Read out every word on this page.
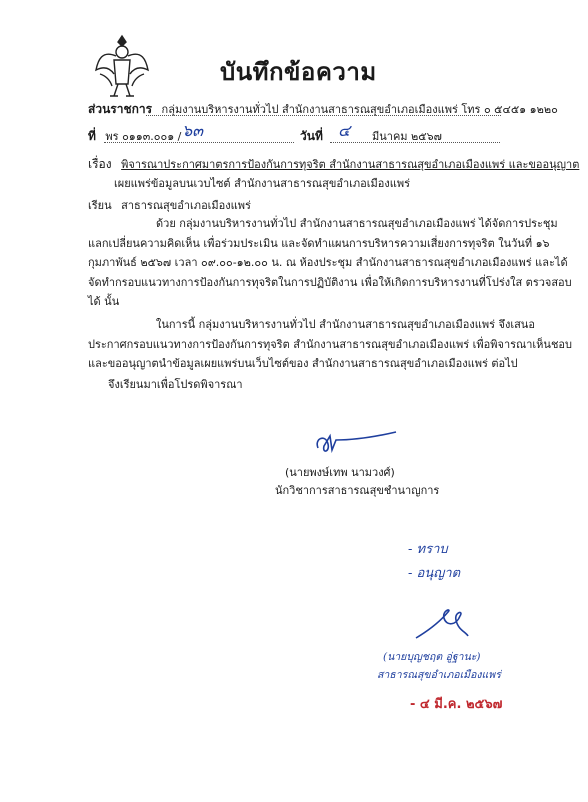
บันทึกข้อความ
ส่วนราชการ กลุ่มงานบริหารงานทั่วไป สำนักงานสาธารณสุขอำเภอเมืองแพร่ โทร ๐ ๕๔๕๑ ๑๒๒๐
ที่ พร ๐๑๑๓.๐๐๑ / ๖๓	วันที่ ๔ มีนาคม ๒๕๖๗
เรื่อง พิจารณาประกาศมาตรการป้องกันการทุจริต สำนักงานสาธารณสุขอำเภอเมืองแพร่ และขออนุญาต
เผยแพร่ข้อมูลบนเวบไซต์ สำนักงานสาธารณสุขอำเภอเมืองแพร่
เรียน สาธารณสุขอำเภอเมืองแพร่
ด้วย กลุ่มงานบริหารงานทั่วไป สำนักงานสาธารณสุขอำเภอเมืองแพร่ ได้จัดการประชุม
แลกเปลี่ยนความคิดเห็น เพื่อร่วมประเมิน และจัดทำแผนการบริหารความเสี่ยงการทุจริต ในวันที่ ๑๖
กุมภาพันธ์ ๒๕๖๗ เวลา ๐๙.๐๐-๑๒.๐๐ น. ณ ห้องประชุม สำนักงานสาธารณสุขอำเภอเมืองแพร่ และได้
จัดทำกรอบแนวทางการป้องกันการทุจริตในการปฏิบัติงาน เพื่อให้เกิดการบริหารงานที่โปร่งใส ตรวจสอบ
ได้ นั้น
ในการนี้ กลุ่มงานบริหารงานทั่วไป สำนักงานสาธารณสุขอำเภอเมืองแพร่ จึงเสนอ
ประกาศกรอบแนวทางการป้องกันการทุจริต สำนักงานสาธารณสุขอำเภอเมืองแพร่ เพื่อพิจารณาเห็นชอบ
และขออนุญาตนำข้อมูลเผยแพร่บนเว็บไซต์ของ สำนักงานสาธารณสุขอำเภอเมืองแพร่ ต่อไป
จึงเรียนมาเพื่อโปรดพิจารณา
(นายพงษ์เทพ นามวงศ์)
นักวิชาการสาธารณสุขชำนาญการ
- ทราบ
- อนุญาต
(นายบุญชฤต อู่ฐานะ)
สาธารณสุขอำเภอเมืองแพร่
- ๔ มี.ค. ๒๕๖๗
